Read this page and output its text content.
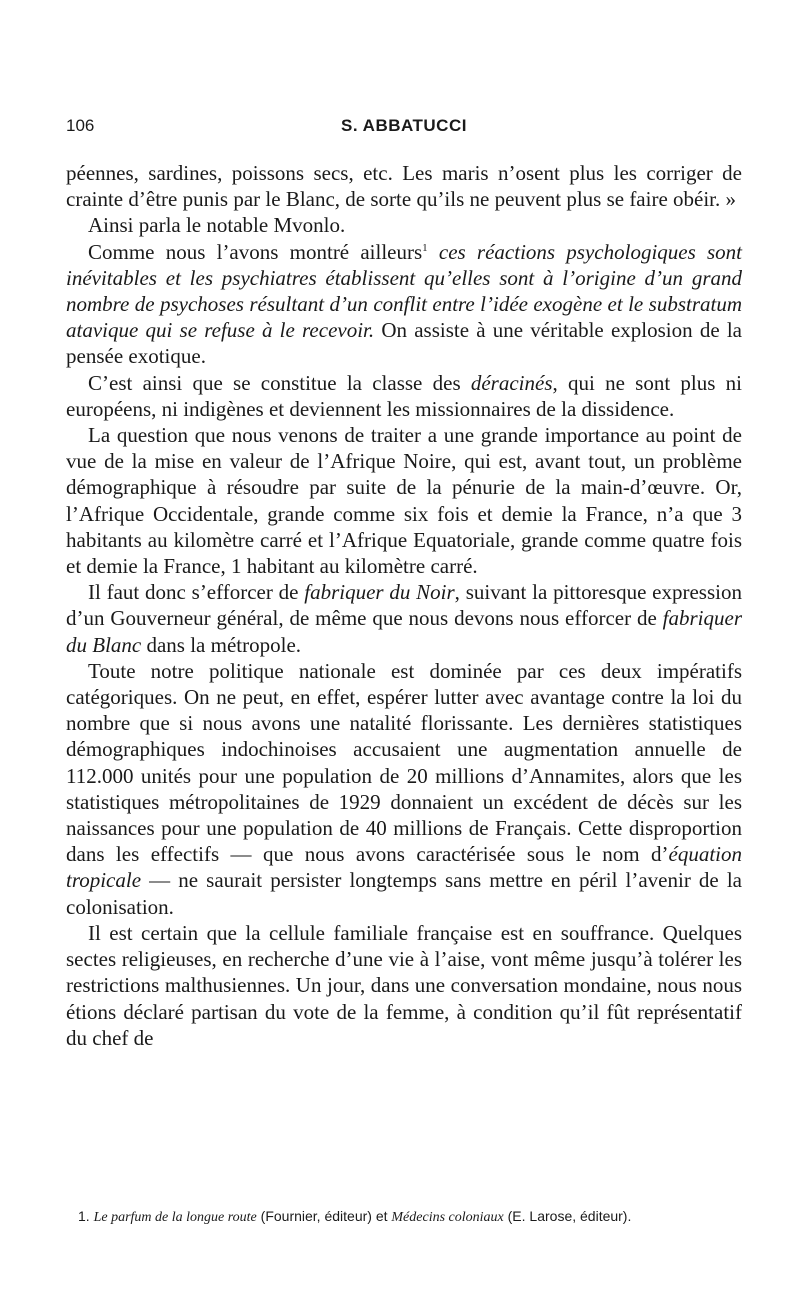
106	S. ABBATUCCI

péennes, sardines, poissons secs, etc. Les maris n’osent plus les corriger de crainte d’être punis par le Blanc, de sorte qu’ils ne peuvent plus se faire obéir. »

Ainsi parla le notable Mvonlo.

Comme nous l’avons montré ailleurs$^1$ ces réactions psychologiques sont inévitables et les psychiatres établissent qu’elles sont à l’origine d’un grand nombre de psychoses résultant d’un conflit entre l’idée exogène et le substratum atavique qui se refuse à le recevoir. On assiste à une véritable explosion de la pensée exotique.

C’est ainsi que se constitue la classe des déracinés, qui ne sont plus ni européens, ni indigènes et deviennent les missionnaires de la dissidence.

La question que nous venons de traiter a une grande importance au point de vue de la mise en valeur de l’Afrique Noire, qui est, avant tout, un problème démographique à résoudre par suite de la pénurie de la main-d’œuvre. Or, l’Afrique Occidentale, grande comme six fois et demie la France, n’a que 3 habitants au kilomètre carré et l’Afrique Equatoriale, grande comme quatre fois et demie la France, 1 habitant au kilomètre carré.

Il faut donc s’efforcer de fabriquer du Noir, suivant la pittoresque expression d’un Gouverneur général, de même que nous devons nous efforcer de fabriquer du Blanc dans la métropole.

Toute notre politique nationale est dominée par ces deux impératifs catégoriques. On ne peut, en effet, espérer lutter avec avantage contre la loi du nombre que si nous avons une natalité florissante. Les dernières statistiques démographiques indochinoises accusaient une augmentation annuelle de 112.000 unités pour une population de 20 millions d’Annamites, alors que les statistiques métropolitaines de 1929 donnaient un excédent de décès sur les naissances pour une population de 40 millions de Français. Cette disproportion dans les effectifs — que nous avons caractérisée sous le nom d’équation tropicale — ne saurait persister longtemps sans mettre en péril l’avenir de la colonisation.

Il est certain que la cellule familiale française est en souffrance. Quelques sectes religieuses, en recherche d’une vie à l’aise, vont même jusqu’à tolérer les restrictions malthusiennes. Un jour, dans une conversation mondaine, nous nous étions déclaré partisan du vote de la femme, à condition qu’il fût représentatif du chef de

1. Le parfum de la longue route (Fournier, éditeur) et Médecins coloniaux (E. Larose, éditeur).
